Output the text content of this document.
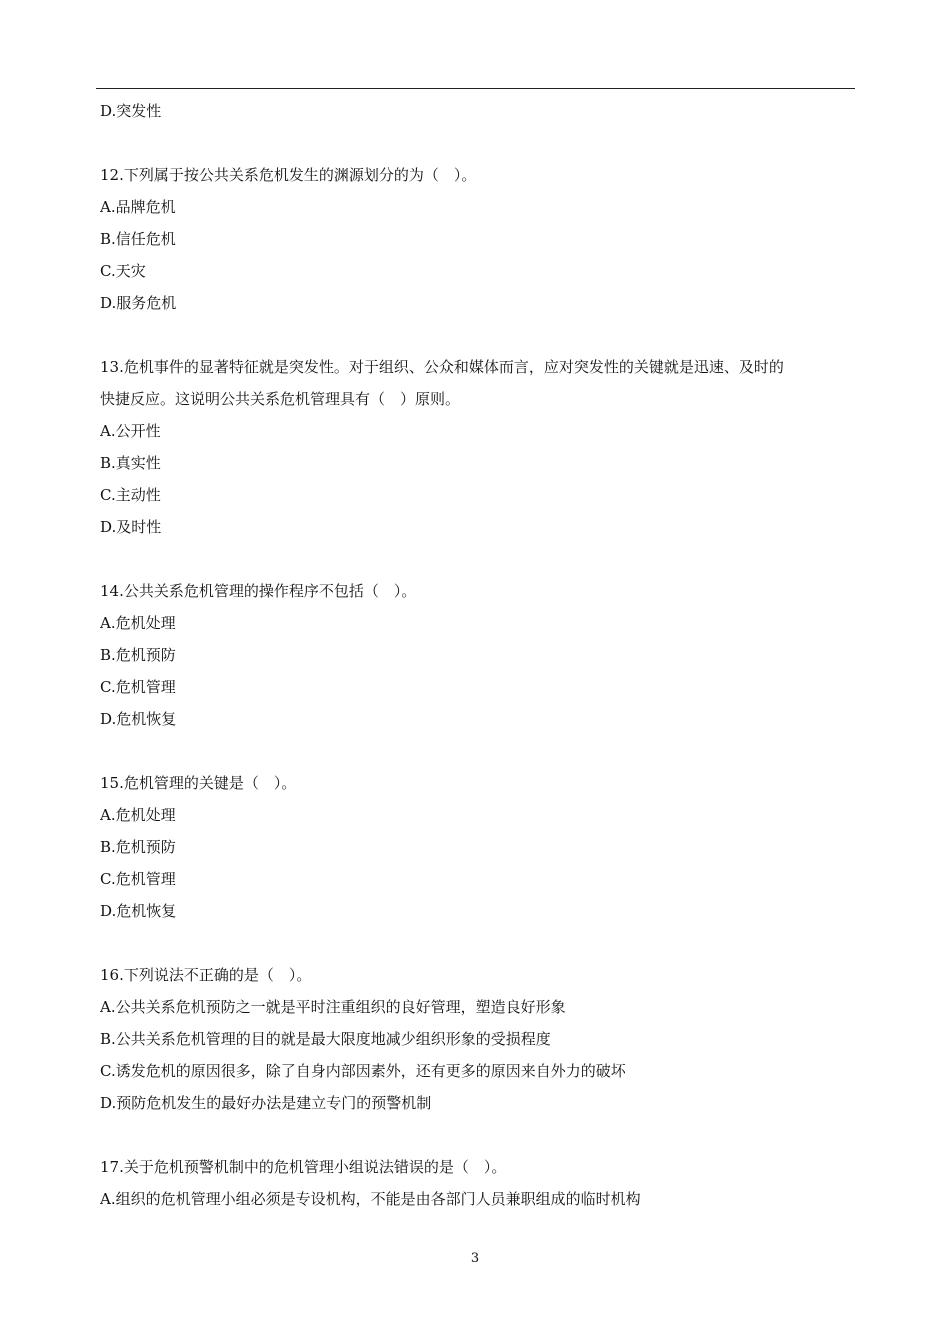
D.突发性
12.下列属于按公共关系危机发生的渊源划分的为（　）。
A.品牌危机
B.信任危机
C.天灾
D.服务危机
13.危机事件的显著特征就是突发性。对于组织、公众和媒体而言，应对突发性的关键就是迅速、及时的
快捷反应。这说明公共关系危机管理具有（　）原则。
A.公开性
B.真实性
C.主动性
D.及时性
14.公共关系危机管理的操作程序不包括（　）。
A.危机处理
B.危机预防
C.危机管理
D.危机恢复
15.危机管理的关键是（　）。
A.危机处理
B.危机预防
C.危机管理
D.危机恢复
16.下列说法不正确的是（　）。
A.公共关系危机预防之一就是平时注重组织的良好管理，塑造良好形象
B.公共关系危机管理的目的就是最大限度地减少组织形象的受损程度
C.诱发危机的原因很多，除了自身内部因素外，还有更多的原因来自外力的破坏
D.预防危机发生的最好办法是建立专门的预警机制
17.关于危机预警机制中的危机管理小组说法错误的是（　）。
A.组织的危机管理小组必须是专设机构，不能是由各部门人员兼职组成的临时机构
3
